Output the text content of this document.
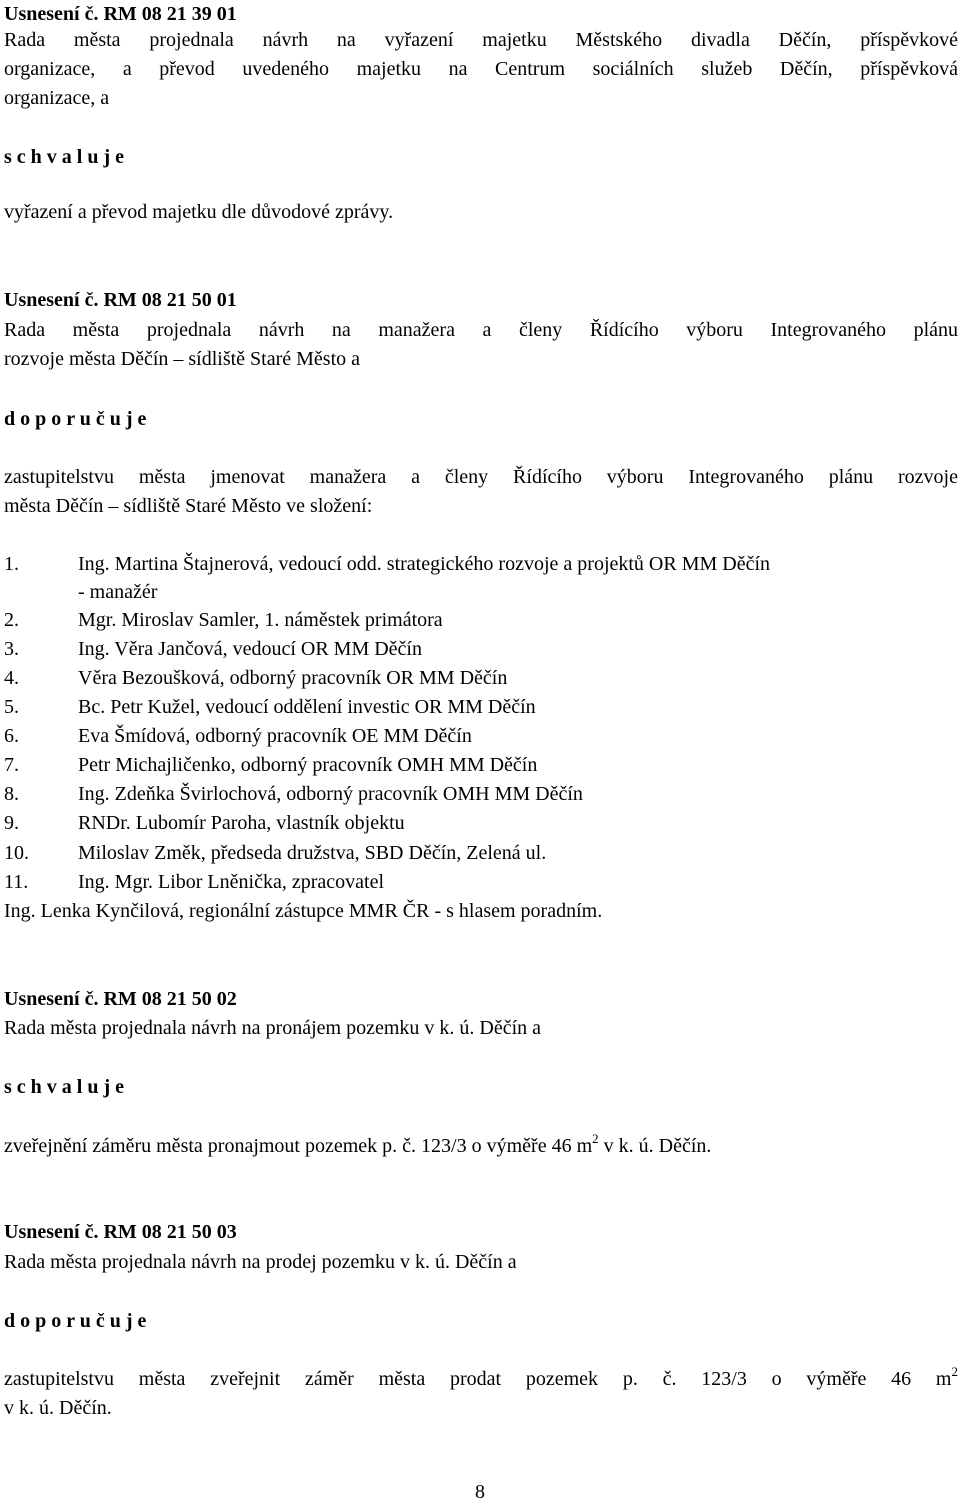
Usnesení č. RM 08 21 39 01
Rada města projednala návrh na vyřazení majetku Městského divadla Děčín, příspěvkové
organizace, a převod uvedeného majetku na Centrum sociálních služeb Děčín, příspěvková
organizace, a
s c h v a l u j e
vyřazení a převod majetku dle důvodové zprávy.
Usnesení č. RM 08 21 50 01
Rada města projednala návrh na manažera a členy Řídícího výboru Integrovaného plánu
rozvoje města Děčín – sídliště Staré Město a
d o p o r u č u j e
zastupitelstvu města jmenovat manažera a členy Řídícího výboru Integrovaného plánu rozvoje
města Děčín – sídliště Staré Město ve složení:
1.	Ing. Martina Štajnerová, vedoucí odd. strategického rozvoje a projektů OR MM Děčín
- manažér
2.	Mgr. Miroslav Samler, 1. náměstek primátora
3.	Ing. Věra Jančová, vedoucí OR MM Děčín
4.	Věra Bezoušková, odborný pracovník OR MM Děčín
5.	Bc. Petr Kužel, vedoucí oddělení investic OR MM Děčín
6.	Eva Šmídová, odborný pracovník OE MM Děčín
7.	Petr Michajličenko, odborný pracovník OMH MM Děčín
8.	Ing. Zdeňka Švirlochová, odborný pracovník OMH MM Děčín
9.	RNDr. Lubomír Paroha, vlastník objektu
10. Miloslav Změk, předseda družstva, SBD Děčín, Zelená ul.
11. Ing. Mgr. Libor Lněnička, zpracovatel
Ing. Lenka Kynčilová, regionální zástupce MMR ČR - s hlasem poradním.
Usnesení č. RM 08 21 50 02
Rada města projednala návrh na pronájem pozemku v k. ú. Děčín a
s c h v a l u j e
zveřejnění záměru města pronajmout pozemek p. č. 123/3 o výměře 46 $m^2$ v k. ú. Děčín.
Usnesení č. RM 08 21 50 03
Rada města projednala návrh na prodej pozemku v k. ú. Děčín a
d o p o r u č u j e
zastupitelstvu města zveřejnit záměr města prodat pozemek p. č. 123/3 o výměře 46 $m^2$
v k. ú. Děčín.
8
